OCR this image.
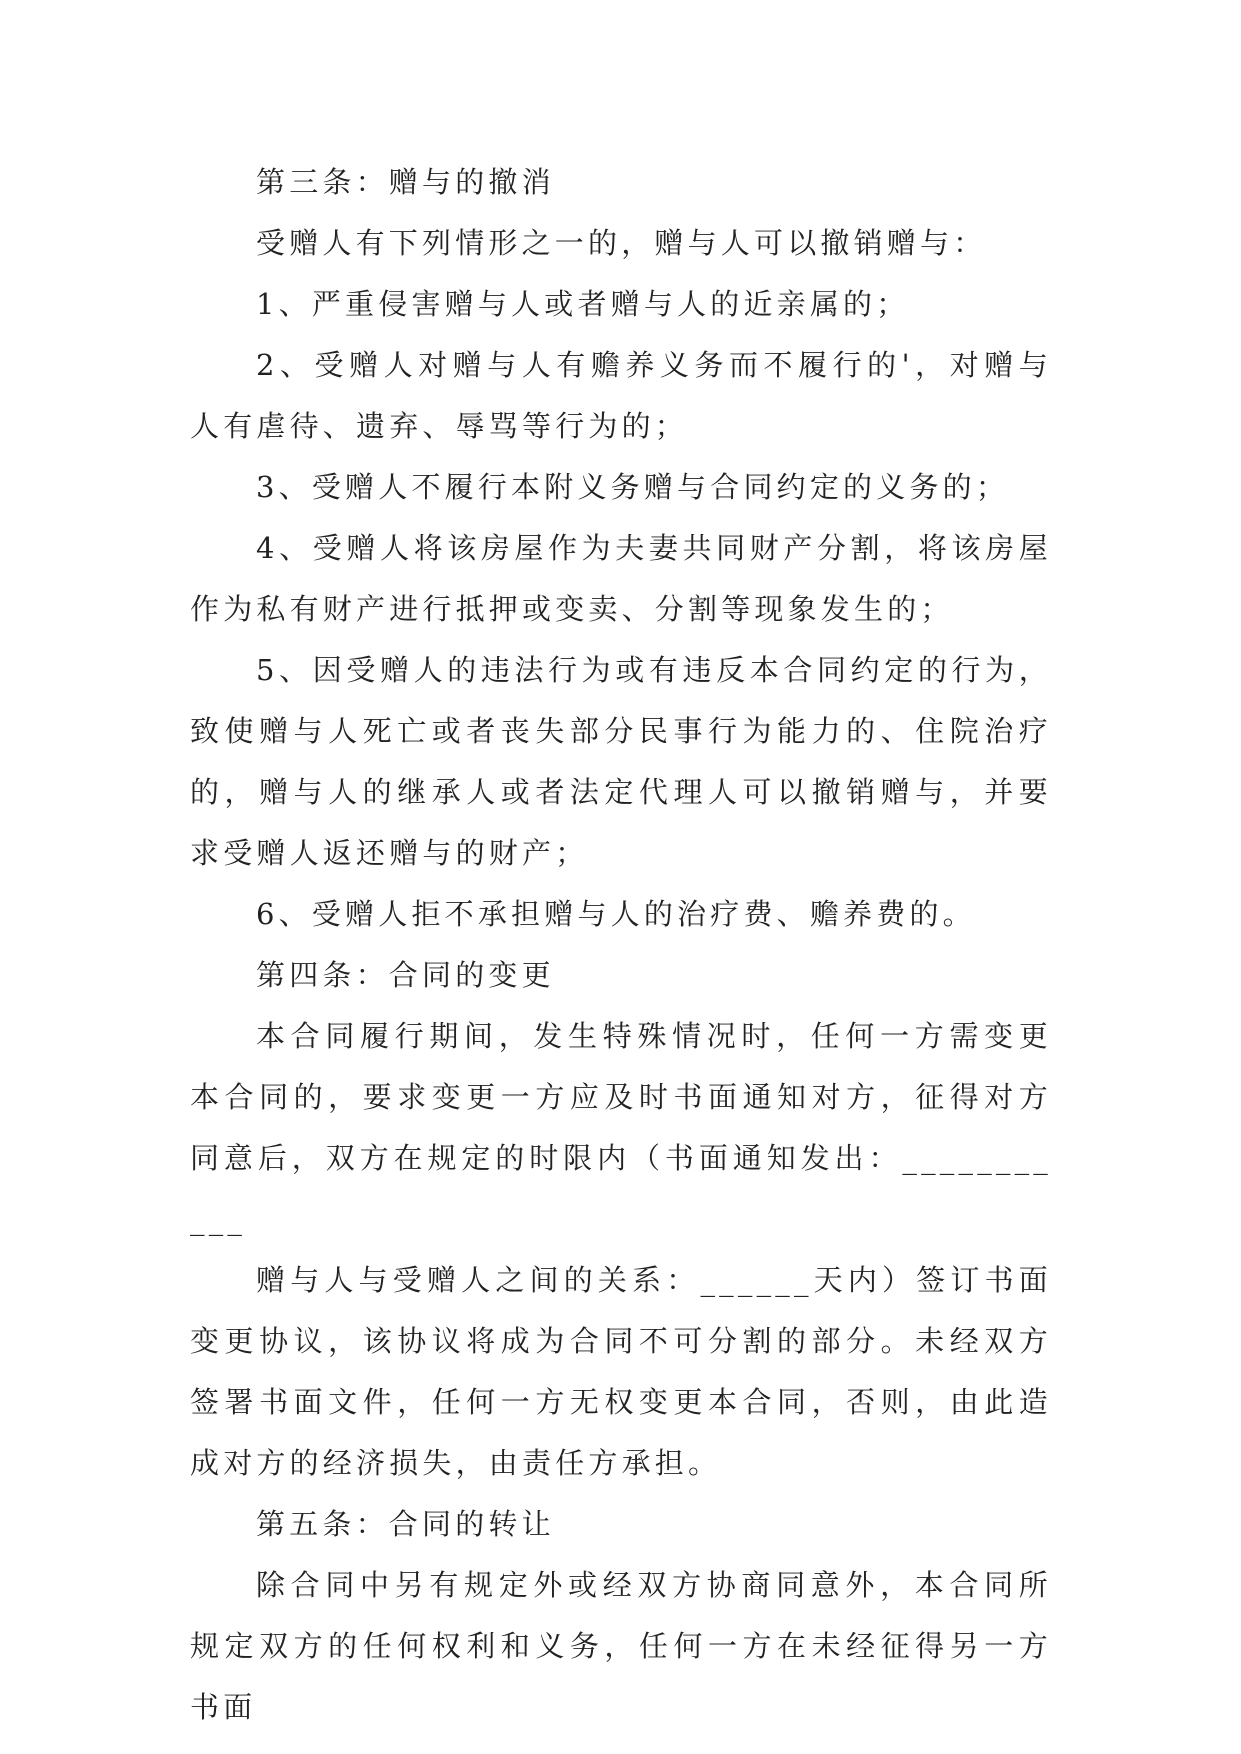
第三条：赠与的撤消

受赠人有下列情形之一的，赠与人可以撤销赠与：

1、严重侵害赠与人或者赠与人的近亲属的；

2、受赠人对赠与人有赡养义务而不履行的'，对赠与人有虐待、遗弃、辱骂等行为的；

3、受赠人不履行本附义务赠与合同约定的义务的；

4、受赠人将该房屋作为夫妻共同财产分割，将该房屋作为私有财产进行抵押或变卖、分割等现象发生的；

5、因受赠人的违法行为或有违反本合同约定的行为，致使赠与人死亡或者丧失部分民事行为能力的、住院治疗的，赠与人的继承人或者法定代理人可以撤销赠与，并要求受赠人返还赠与的财产；

6、受赠人拒不承担赠与人的治疗费、赡养费的。

第四条：合同的变更

本合同履行期间，发生特殊情况时，任何一方需变更本合同的，要求变更一方应及时书面通知对方，征得对方同意后，双方在规定的时限内（书面通知发出：___________

赠与人与受赠人之间的关系：______天内）签订书面变更协议，该协议将成为合同不可分割的部分。未经双方签署书面文件，任何一方无权变更本合同，否则，由此造成对方的经济损失，由责任方承担。

第五条：合同的转让

除合同中另有规定外或经双方协商同意外，本合同所规定双方的任何权利和义务，任何一方在未经征得另一方书面
